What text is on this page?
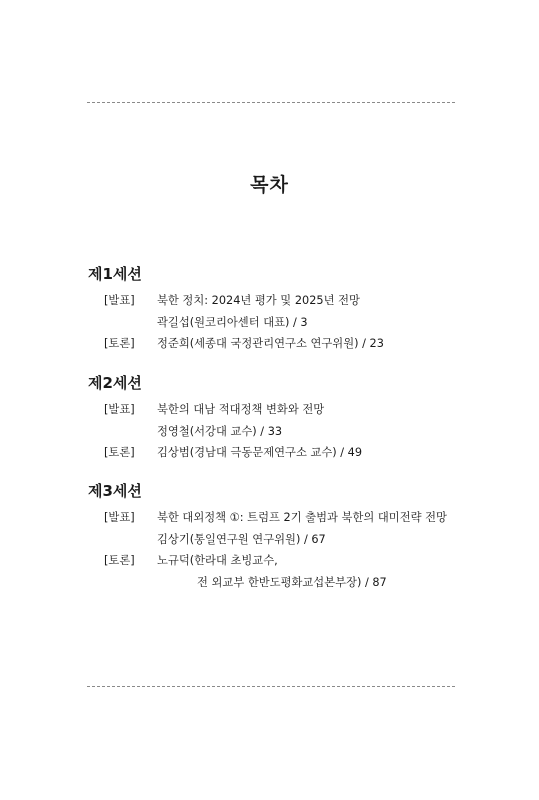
목차
제1세션
[발표] 북한 정치: 2024년 평가 및 2025년 전망
곽길섭(원코리아센터 대표) / 3
[토론] 정준희(세종대 국정관리연구소 연구위원) / 23
제2세션
[발표] 북한의 대남 적대정책 변화와 전망
정영철(서강대 교수) / 33
[토론] 김상범(경남대 극동문제연구소 교수) / 49
제3세션
[발표] 북한 대외정책 ①: 트럼프 2기 출범과 북한의 대미전략 전망
김상기(통일연구원 연구위원) / 67
[토론] 노규덕(한라대 초빙교수,
전 외교부 한반도평화교섭본부장) / 87
